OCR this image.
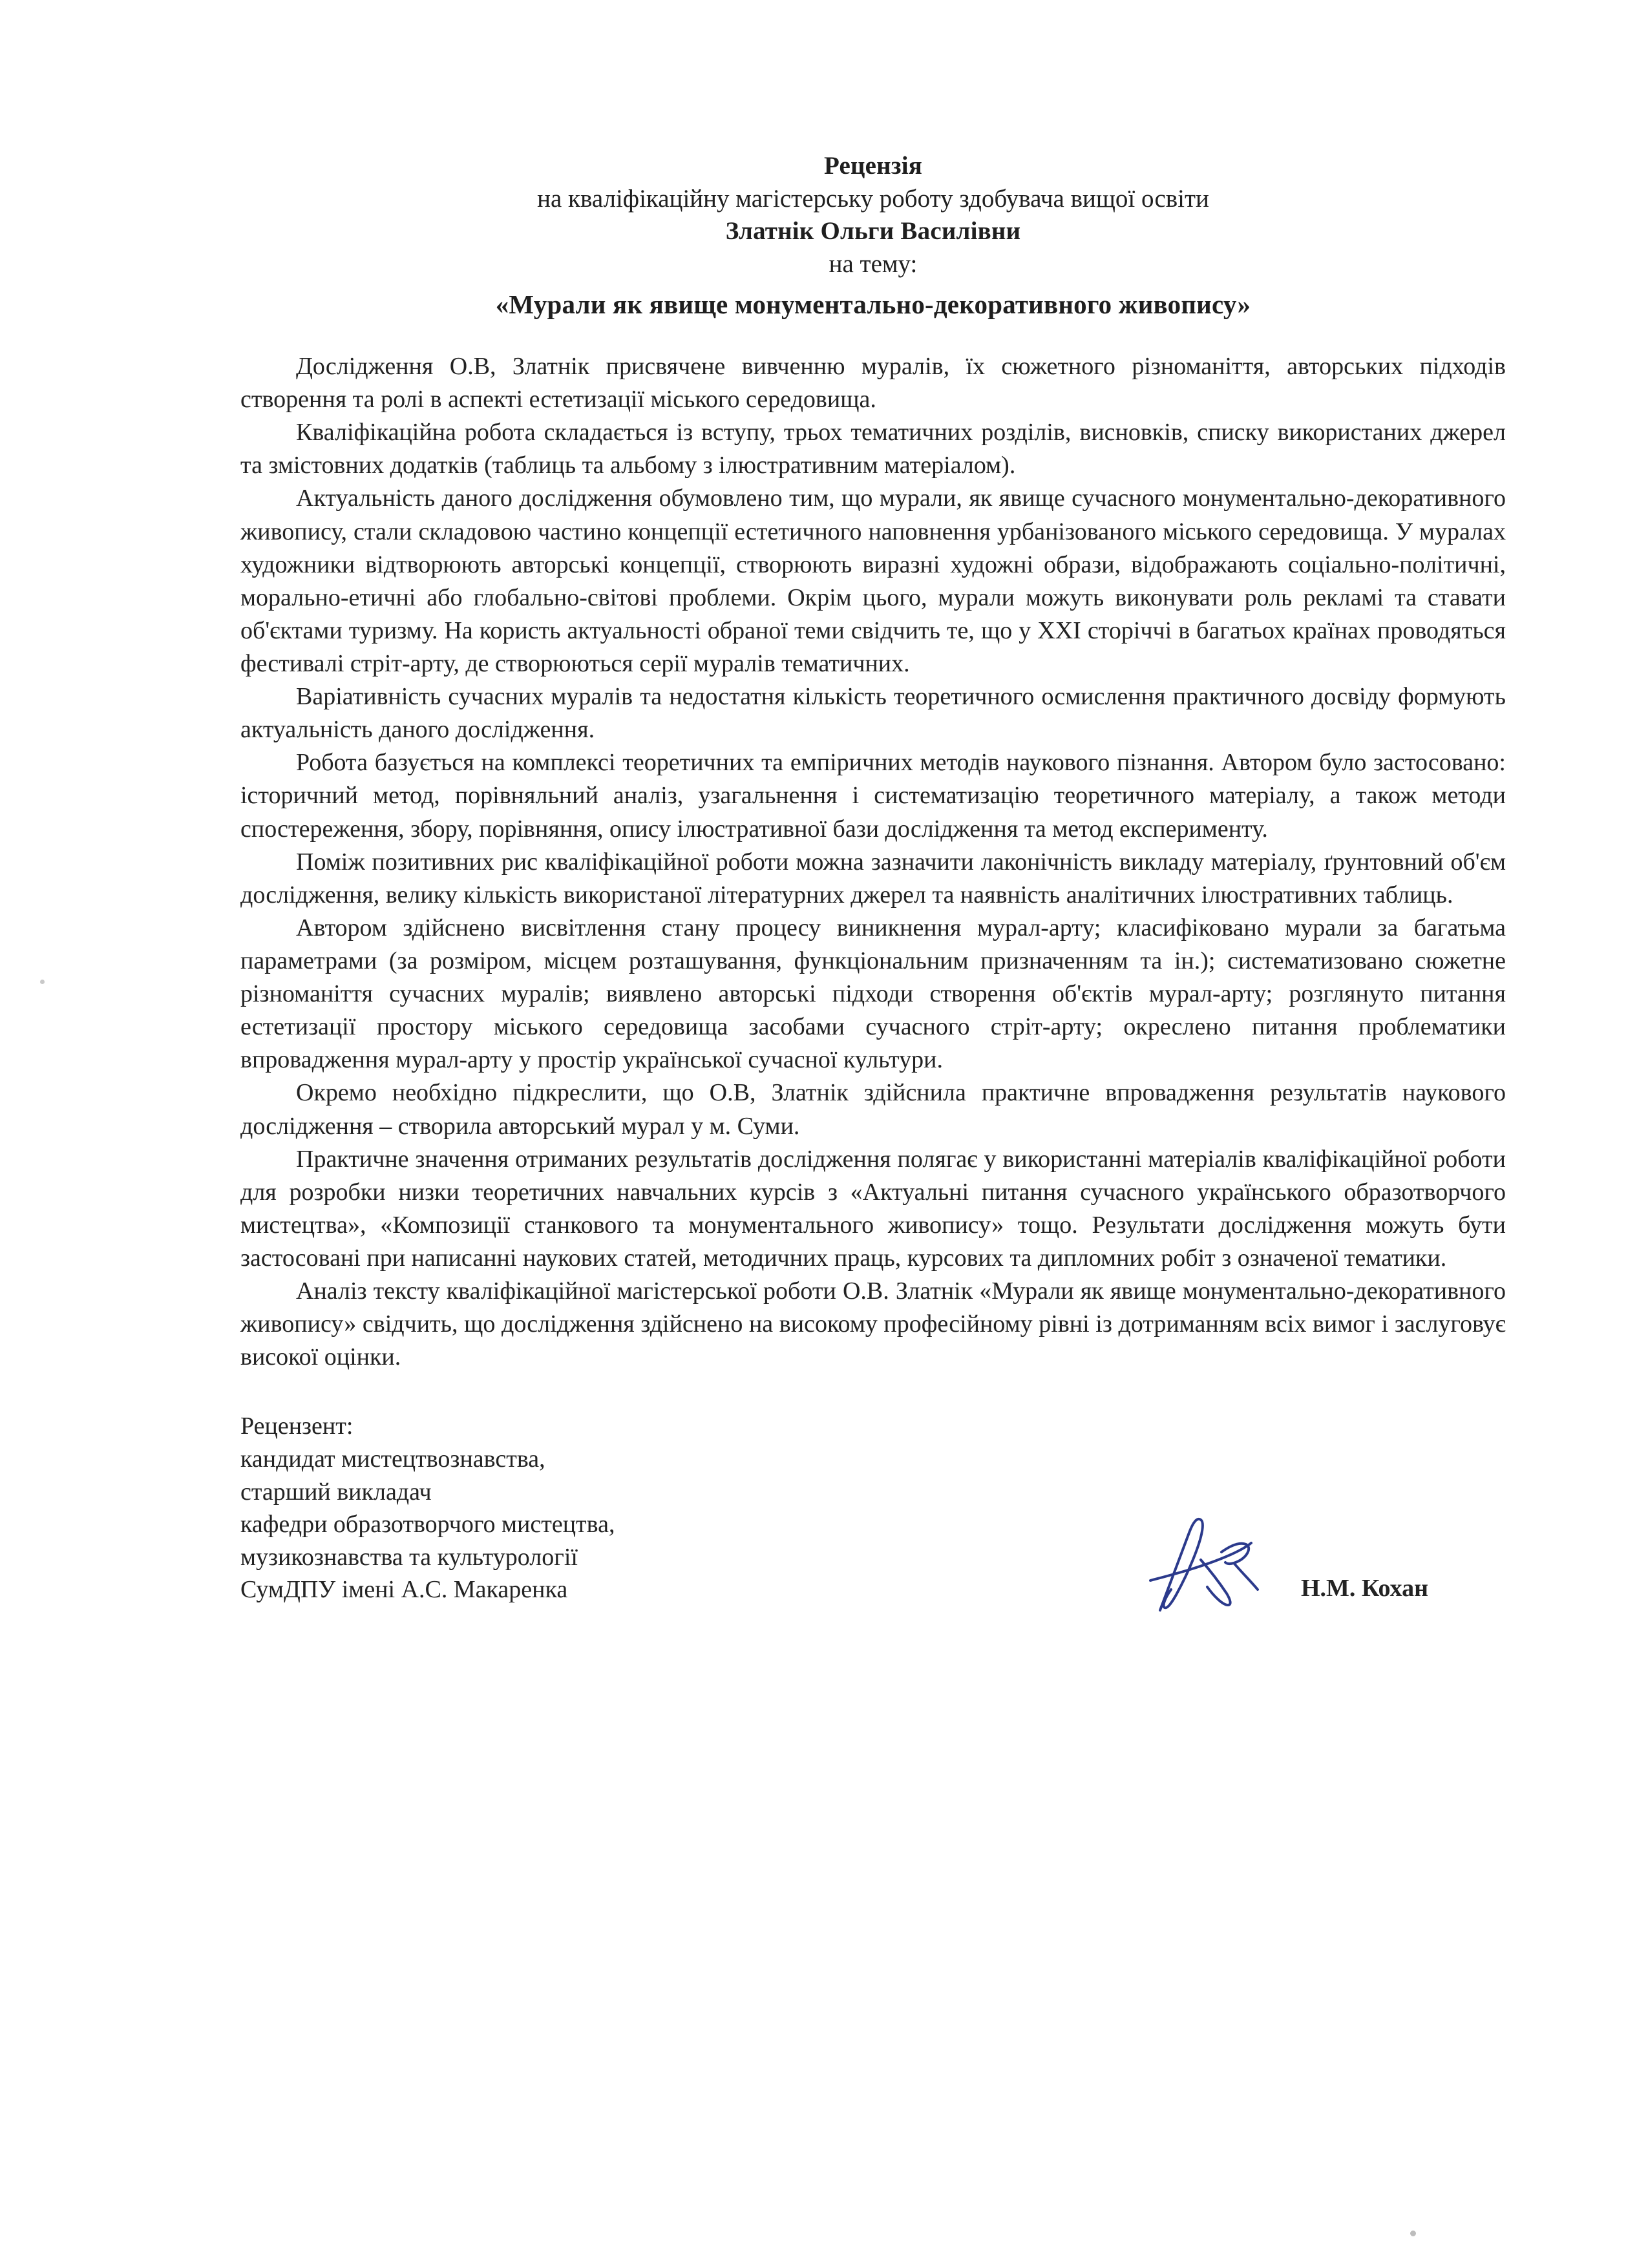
Рецензія
на кваліфікаційну магістерську роботу здобувача вищої освіти
Златнік Ольги Василівни
на тему:
«Мурали як явище монументально-декоративного живопису»

Дослідження О.В, Златнік присвячене вивченню муралів, їх сюжетного різноманіття, авторських підходів створення та ролі в аспекті естетизації міського середовища.

Кваліфікаційна робота складається із вступу, трьох тематичних розділів, висновків, списку використаних джерел та змістовних додатків (таблиць та альбому з ілюстративним матеріалом).

Актуальність даного дослідження обумовлено тим, що мурали, як явище сучасного монументально-декоративного живопису, стали складовою частино концепції естетичного наповнення урбанізованого міського середовища. У муралах художники відтворюють авторські концепції, створюють виразні художні образи, відображають соціально-політичні, морально-етичні або глобально-світові проблеми. Окрім цього, мурали можуть виконувати роль рекламі та ставати об'єктами туризму. На користь актуальності обраної теми свідчить те, що у XXI сторіччі в багатьох країнах проводяться фестивалі стріт-арту, де створюються серії муралів тематичних.

Варіативність сучасних муралів та недостатня кількість теоретичного осмислення практичного досвіду формують актуальність даного дослідження.

Робота базується на комплексі теоретичних та емпіричних методів наукового пізнання. Автором було застосовано: історичний метод, порівняльний аналіз, узагальнення і систематизацію теоретичного матеріалу, а також методи спостереження, збору, порівняння, опису ілюстративної бази дослідження та метод експерименту.

Поміж позитивних рис кваліфікаційної роботи можна зазначити лаконічність викладу матеріалу, ґрунтовний об'єм дослідження, велику кількість використаної літературних джерел та наявність аналітичних ілюстративних таблиць.

Автором здійснено висвітлення стану процесу виникнення мурал-арту; класифіковано мурали за багатьма параметрами (за розміром, місцем розташування, функціональним призначенням та ін.); систематизовано сюжетне різноманіття сучасних муралів; виявлено авторські підходи створення об'єктів мурал-арту; розглянуто питання естетизації простору міського середовища засобами сучасного стріт-арту; окреслено питання проблематики впровадження мурал-арту у простір української сучасної культури.

Окремо необхідно підкреслити, що О.В, Златнік здійснила практичне впровадження результатів наукового дослідження – створила авторський мурал у м. Суми.

Практичне значення отриманих результатів дослідження полягає у використанні матеріалів кваліфікаційної роботи для розробки низки теоретичних навчальних курсів з «Актуальні питання сучасного українського образотворчого мистецтва», «Композиції станкового та монументального живопису» тощо. Результати дослідження можуть бути застосовані при написанні наукових статей, методичних праць, курсових та дипломних робіт з означеної тематики.

Аналіз тексту кваліфікаційної магістерської роботи О.В. Златнік «Мурали як явище монументально-декоративного живопису» свідчить, що дослідження здійснено на високому професійному рівні із дотриманням всіх вимог і заслуговує високої оцінки.

Рецензент:
кандидат мистецтвознавства,
старший викладач
кафедри образотворчого мистецтва,
музикознавства та культурології
СумДПУ імені А.С. Макаренка	Н.М. Кохан
